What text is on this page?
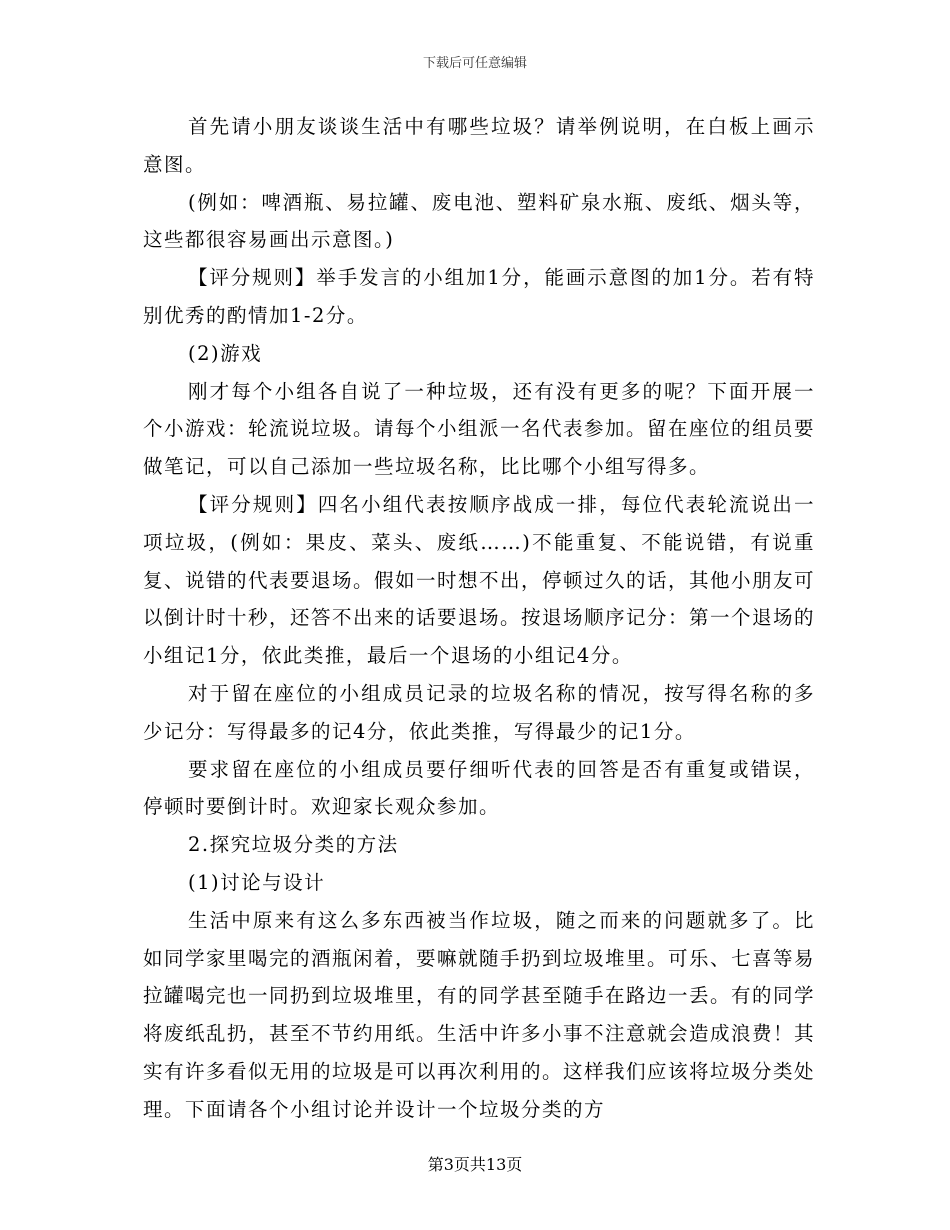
下载后可任意编辑

首先请小朋友谈谈生活中有哪些垃圾？请举例说明，在白板上画示意图。

(例如：啤酒瓶、易拉罐、废电池、塑料矿泉水瓶、废纸、烟头等，这些都很容易画出示意图。)

【评分规则】举手发言的小组加1分，能画示意图的加1分。若有特别优秀的酌情加1-2分。

(2)游戏

刚才每个小组各自说了一种垃圾，还有没有更多的呢？下面开展一个小游戏：轮流说垃圾。请每个小组派一名代表参加。留在座位的组员要做笔记，可以自己添加一些垃圾名称，比比哪个小组写得多。

【评分规则】四名小组代表按顺序战成一排，每位代表轮流说出一项垃圾，(例如：果皮、菜头、废纸……)不能重复、不能说错，有说重复、说错的代表要退场。假如一时想不出，停顿过久的话，其他小朋友可以倒计时十秒，还答不出来的话要退场。按退场顺序记分：第一个退场的小组记1分，依此类推，最后一个退场的小组记4分。

对于留在座位的小组成员记录的垃圾名称的情况，按写得名称的多少记分：写得最多的记4分，依此类推，写得最少的记1分。

要求留在座位的小组成员要仔细听代表的回答是否有重复或错误，停顿时要倒计时。欢迎家长观众参加。

2.探究垃圾分类的方法

(1)讨论与设计

生活中原来有这么多东西被当作垃圾，随之而来的问题就多了。比如同学家里喝完的酒瓶闲着，要嘛就随手扔到垃圾堆里。可乐、七喜等易拉罐喝完也一同扔到垃圾堆里，有的同学甚至随手在路边一丢。有的同学将废纸乱扔，甚至不节约用纸。生活中许多小事不注意就会造成浪费！其实有许多看似无用的垃圾是可以再次利用的。这样我们应该将垃圾分类处理。下面请各个小组讨论并设计一个垃圾分类的方

第3页共13页
